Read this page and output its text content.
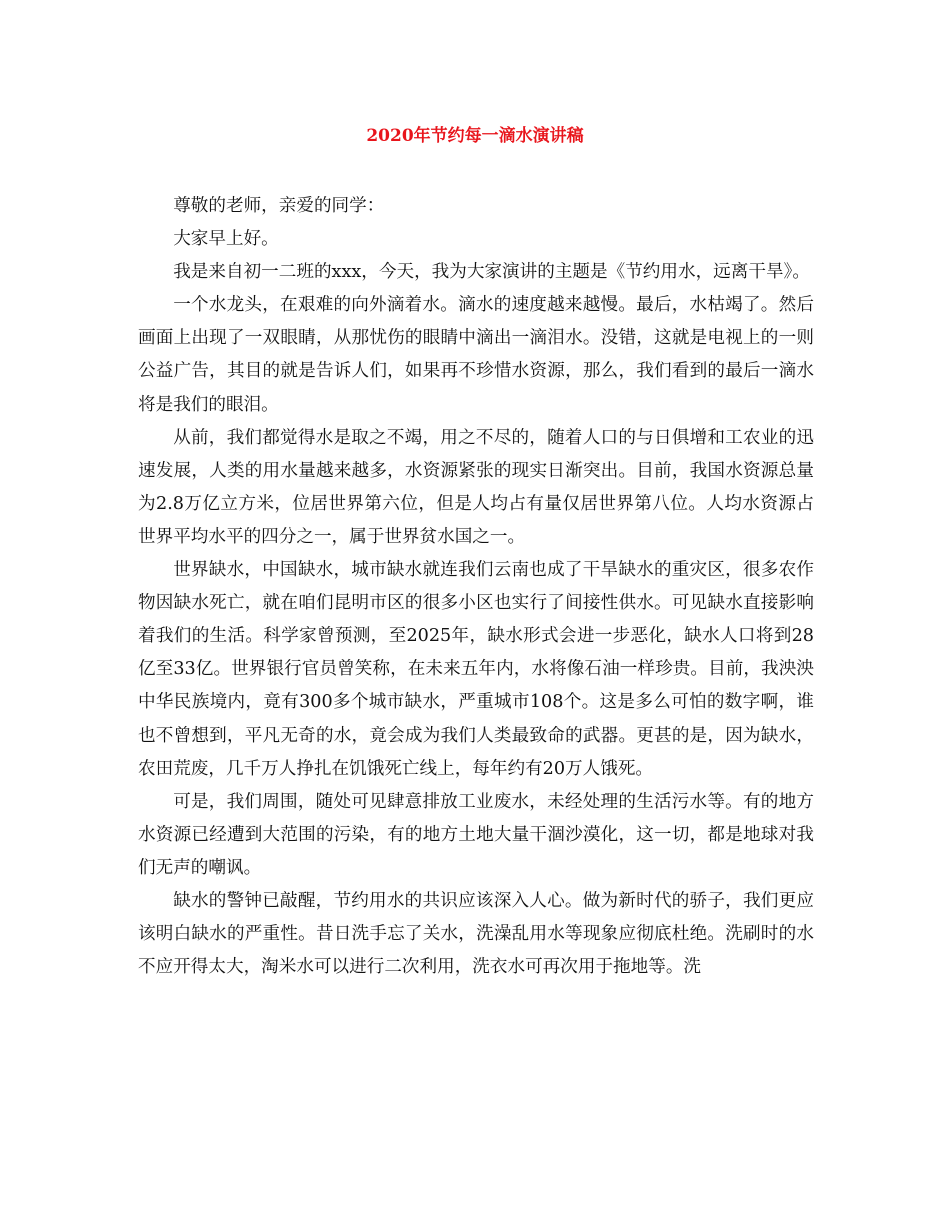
2020年节约每一滴水演讲稿

尊敬的老师，亲爱的同学：

大家早上好。

我是来自初一二班的xxx，今天，我为大家演讲的主题是《节约用水，远离干旱》。

一个水龙头，在艰难的向外滴着水。滴水的速度越来越慢。最后，水枯竭了。然后画面上出现了一双眼睛，从那忧伤的眼睛中滴出一滴泪水。没错，这就是电视上的一则公益广告，其目的就是告诉人们，如果再不珍惜水资源，那么，我们看到的最后一滴水将是我们的眼泪。

从前，我们都觉得水是取之不竭，用之不尽的，随着人口的与日俱增和工农业的迅速发展，人类的用水量越来越多，水资源紧张的现实日渐突出。目前，我国水资源总量为2.8万亿立方米，位居世界第六位，但是人均占有量仅居世界第八位。人均水资源占世界平均水平的四分之一，属于世界贫水国之一。

世界缺水，中国缺水，城市缺水就连我们云南也成了干旱缺水的重灾区，很多农作物因缺水死亡，就在咱们昆明市区的很多小区也实行了间接性供水。可见缺水直接影响着我们的生活。科学家曾预测，至2025年，缺水形式会进一步恶化，缺水人口将到28亿至33亿。世界银行官员曾笑称，在未来五年内，水将像石油一样珍贵。目前，我泱泱中华民族境内，竟有300多个城市缺水，严重城市108个。这是多么可怕的数字啊，谁也不曾想到，平凡无奇的水，竟会成为我们人类最致命的武器。更甚的是，因为缺水，农田荒废，几千万人挣扎在饥饿死亡线上，每年约有20万人饿死。

可是，我们周围，随处可见肆意排放工业废水，未经处理的生活污水等。有的地方水资源已经遭到大范围的污染，有的地方土地大量干涸沙漠化，这一切，都是地球对我们无声的嘲讽。

缺水的警钟已敲醒，节约用水的共识应该深入人心。做为新时代的骄子，我们更应该明白缺水的严重性。昔日洗手忘了关水，洗澡乱用水等现象应彻底杜绝。洗刷时的水不应开得太大，淘米水可以进行二次利用，洗衣水可再次用于拖地等。洗
